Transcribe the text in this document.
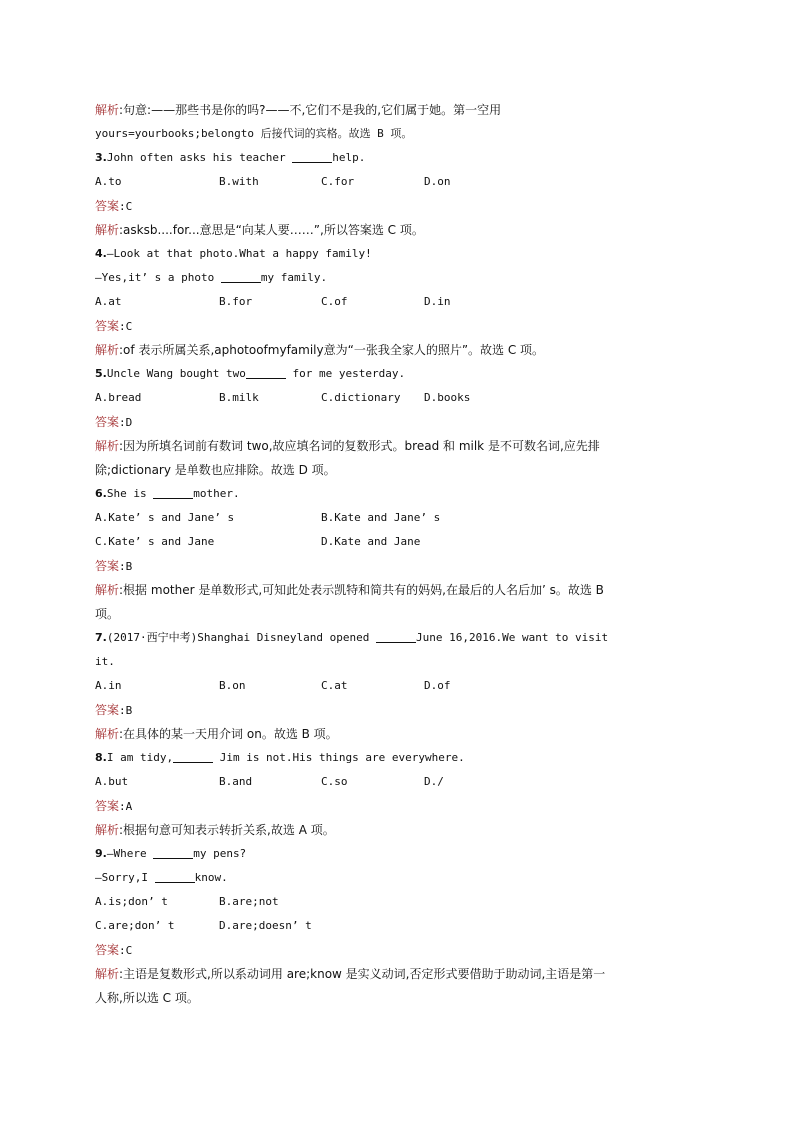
解析:句意:——那些书是你的吗?——不,它们不是我的,它们属于她。第一空用
yours=yourbooks;belongto 后接代词的宾格。故选 B 项。
3.John often asks his teacher	help.

A.to

	B.with

	C.for

	D.on

答案:C
解析:asksb....for...意思是“向某人要……”,所以答案选 C 项。
4.—Look at that photo.What a happy family!
—Yes,it’ s a photo	my family.

A.at

	B.for

	C.of

	D.in

答案:C
解析:of 表示所属关系,aphotoofmyfamily意为“一张我全家人的照片”。故选 C 项。
5.Uncle Wang bought two	for me yesterday.

A.bread

	B.milk

	C.dictionary

D.books

答案:D
解析:因为所填名词前有数词 two,故应填名词的复数形式。bread 和 milk 是不可数名词,应先排
除;dictionary 是单数也应排除。故选 D 项。
6.She is	mother.

A.Kate’ s and Jane’ s

	B.Kate and Jane’ s

C.Kate’ s and Jane

	D.Kate and Jane

答案:B
解析:根据 mother 是单数形式,可知此处表示凯特和简共有的妈妈,在最后的人名后加’ s。故选 B
项。
7.(2017·西宁中考)Shanghai Disneyland opened	June 16,2016.We want to visit
it.

A.in

	B.on

	C.at

	D.of

答案:B
解析:在具体的某一天用介词 on。故选 B 项。
8.I am tidy,	Jim is not.His things are everywhere.

A.but

	B.and

	C.so

	D./

答案:A
解析:根据句意可知表示转折关系,故选 A 项。
9.—Where	my pens?
—Sorry,I	know.

A.is;don’ t

	B.are;not

C.are;don’ t

	D.are;doesn’ t

答案:C
解析:主语是复数形式,所以系动词用 are;know 是实义动词,否定形式要借助于助动词,主语是第一
人称,所以选 C 项。
